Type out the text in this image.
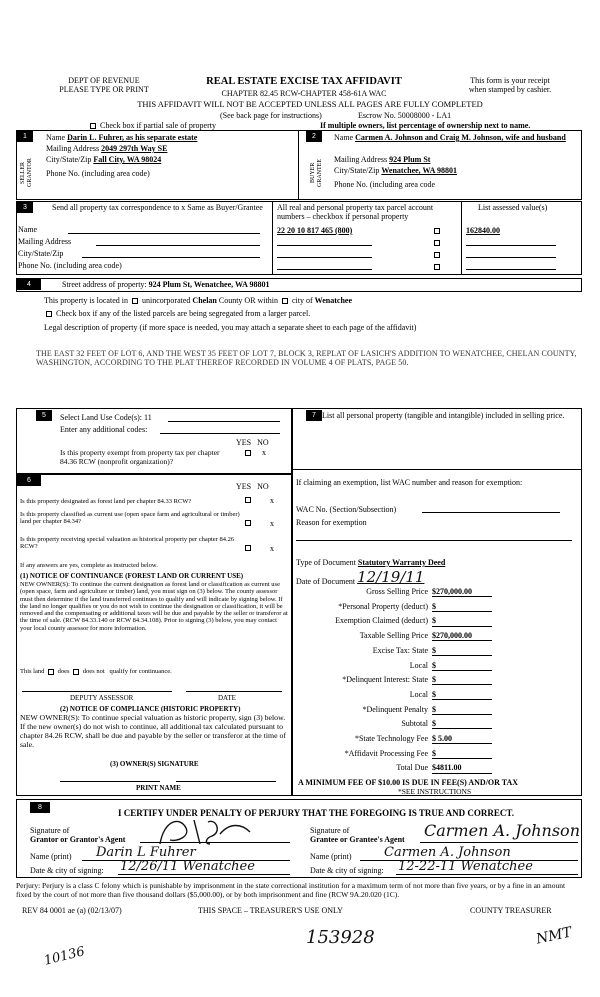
DEPT OF REVENUE
PLEASE TYPE OR PRINT
REAL ESTATE EXCISE TAX AFFIDAVIT
CHAPTER 82.45 RCW-CHAPTER 458-61A WAC
This form is your receipt
when stamped by cashier.
THIS AFFIDAVIT WILL NOT BE ACCEPTED UNLESS ALL PAGES ARE FULLY COMPLETED
(See back page for instructions)	Escrow No. 50008000 - LA1
Check box if partial sale of property	If multiple owners, list percentage of ownership next to name.
1
SELLER GRANTOR
Name Darin L. Fuhrer, as his separate estate
Mailing Address 2049 297th Way SE
City/State/Zip Fall City, WA 98024
Phone No. (including area code)
2
BUYER GRANTEE
Name Carmen A. Johnson and Craig M. Johnson, wife and husband
Mailing Address 924 Plum St
City/State/Zip Wenatchee, WA 98801
Phone No. (including area code
3	Send all property tax correspondence to x Same as Buyer/Grantee
Name
Mailing Address
City/State/Zip
Phone No. (including area code)
All real and personal property tax parcel account numbers – checkbox if personal property
22 20 10 817 465 (800)
List assessed value(s)
162840.00
4	Street address of property: 924 Plum St, Wenatchee, WA 98801
This property is located in unincorporated Chelan County OR within city of Wenatchee
Check box if any of the listed parcels are being segregated from a larger parcel.
Legal description of property (if more space is needed, you may attach a separate sheet to each page of the affidavit)
THE EAST 32 FEET OF LOT 6, AND THE WEST 35 FEET OF LOT 7, BLOCK 3, REPLAT OF LASICH'S ADDITION TO WENATCHEE, CHELAN COUNTY, WASHINGTON, ACCORDING TO THE PLAT THEREOF RECORDED IN VOLUME 4 OF PLATS, PAGE 50.
5	Select Land Use Code(s): 11
Enter any additional codes:
YES NO
Is this property exempt from property tax per chapter 84.36 RCW (nonprofit organization)?
x
7 List all personal property (tangible and intangible) included in selling price.
6
YES NO
Is this property designated as forest land per chapter 84.33 RCW?	x
Is this property classified as current use (open space farm and agricultural or timber) land per chapter 84.34?	x
Is this property receiving special valuation as historical property per chapter 84.26 RCW?	x
If any answers are yes, complete as instructed below.
(1) NOTICE OF CONTINUANCE (FOREST LAND OR CURRENT USE)
NEW OWNER(S): To continue the current designation as forest land or classification as current use (open space, farm and agriculture or timber) land, you must sign on (3) below. The county assessor must then determine if the land transferred continues to qualify and will indicate by signing below. If the land no longer qualifies or you do not wish to continue the designation or classification, it will be removed and the compensating or additional taxes will be due and payable by the seller or transferor at the time of sale. (RCW 84.33.140 or RCW 84.34.108). Prior to signing (3) below, you may contact your local county assessor for more information.
This land does does not qualify for continuance.
DEPUTY ASSESSOR	DATE
(2) NOTICE OF COMPLIANCE (HISTORIC PROPERTY)
NEW OWNER(S): To continue special valuation as historic property, sign (3) below. If the new owner(s) do not wish to continue, all additional tax calculated pursuant to chapter 84.26 RCW, shall be due and payable by the seller or transferor at the time of sale.
(3) OWNER(S) SIGNATURE
PRINT NAME
If claiming an exemption, list WAC number and reason for exemption:
WAC No. (Section/Subsection)
Reason for exemption
Type of Document Statutory Warranty Deed
Date of Document 12/19/11
Gross Selling Price $270,000.00
*Personal Property (deduct) $
Exemption Claimed (deduct) $
Taxable Selling Price $270,000.00
Excise Tax: State $
Local $
*Delinquent Interest: State $
Local $
*Delinquent Penalty $
Subtotal $
*State Technology Fee $ 5.00
*Affidavit Processing Fee $
Total Due $4811.00
A MINIMUM FEE OF $10.00 IS DUE IN FEE(S) AND/OR TAX
*SEE INSTRUCTIONS
8
I CERTIFY UNDER PENALTY OF PERJURY THAT THE FOREGOING IS TRUE AND CORRECT.
Signature of
Grantor or Grantor's Agent
Name (print) Darin L Fuhrer
Date & city of signing: 12/26/11 Wenatchee
Signature of
Grantee or Grantee's Agent Carmen A. Johnson
Name (print) Carmen A. Johnson
Date & city of signing: 12-22-11 Wenatchee
Perjury: Perjury is a class C felony which is punishable by imprisonment in the state correctional institution for a maximum term of not more than five years, or by a fine in an amount fixed by the court of not more than five thousand dollars ($5,000.00), or by both imprisonment and fine (RCW 9A.20.020 (1C).
REV 84 0001 ae (a) (02/13/07)	THIS SPACE – TREASURER'S USE ONLY	COUNTY TREASURER
10136
153928	NMT
